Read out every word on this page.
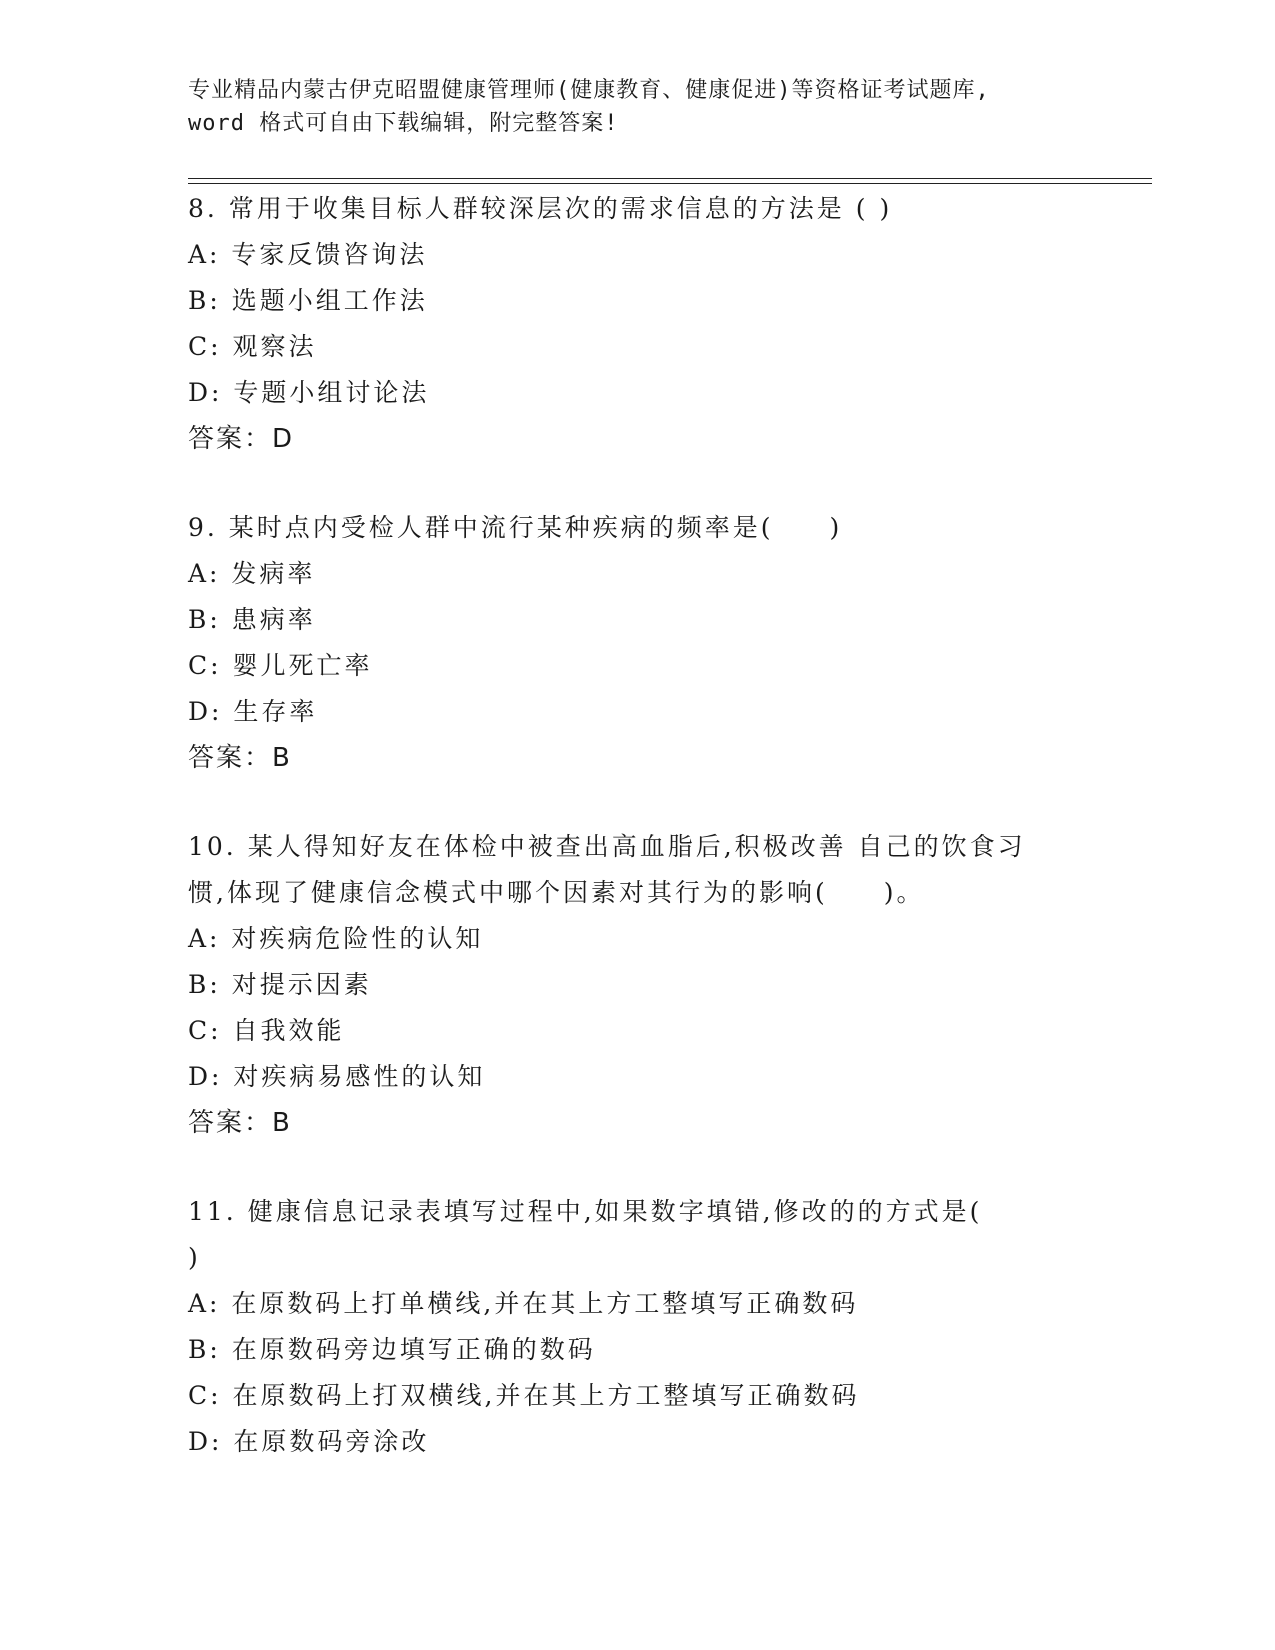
专业精品内蒙古伊克昭盟健康管理师(健康教育、健康促进)等资格证考试题库,
word 格式可自由下载编辑，附完整答案!
8. 常用于收集目标人群较深层次的需求信息的方法是 ( )
A: 专家反馈咨询法
B: 选题小组工作法
C: 观察法
D: 专题小组讨论法
答案：D
9. 某时点内受检人群中流行某种疾病的频率是(　　)
A: 发病率
B: 患病率
C: 婴儿死亡率
D: 生存率
答案：B
10. 某人得知好友在体检中被查出高血脂后,积极改善 自己的饮食习
惯,体现了健康信念模式中哪个因素对其行为的影响(　　)。
A: 对疾病危险性的认知
B: 对提示因素
C: 自我效能
D: 对疾病易感性的认知
答案：B
11. 健康信息记录表填写过程中,如果数字填错,修改的的方式是(
)
A: 在原数码上打单横线,并在其上方工整填写正确数码
B: 在原数码旁边填写正确的数码
C: 在原数码上打双横线,并在其上方工整填写正确数码
D: 在原数码旁涂改
